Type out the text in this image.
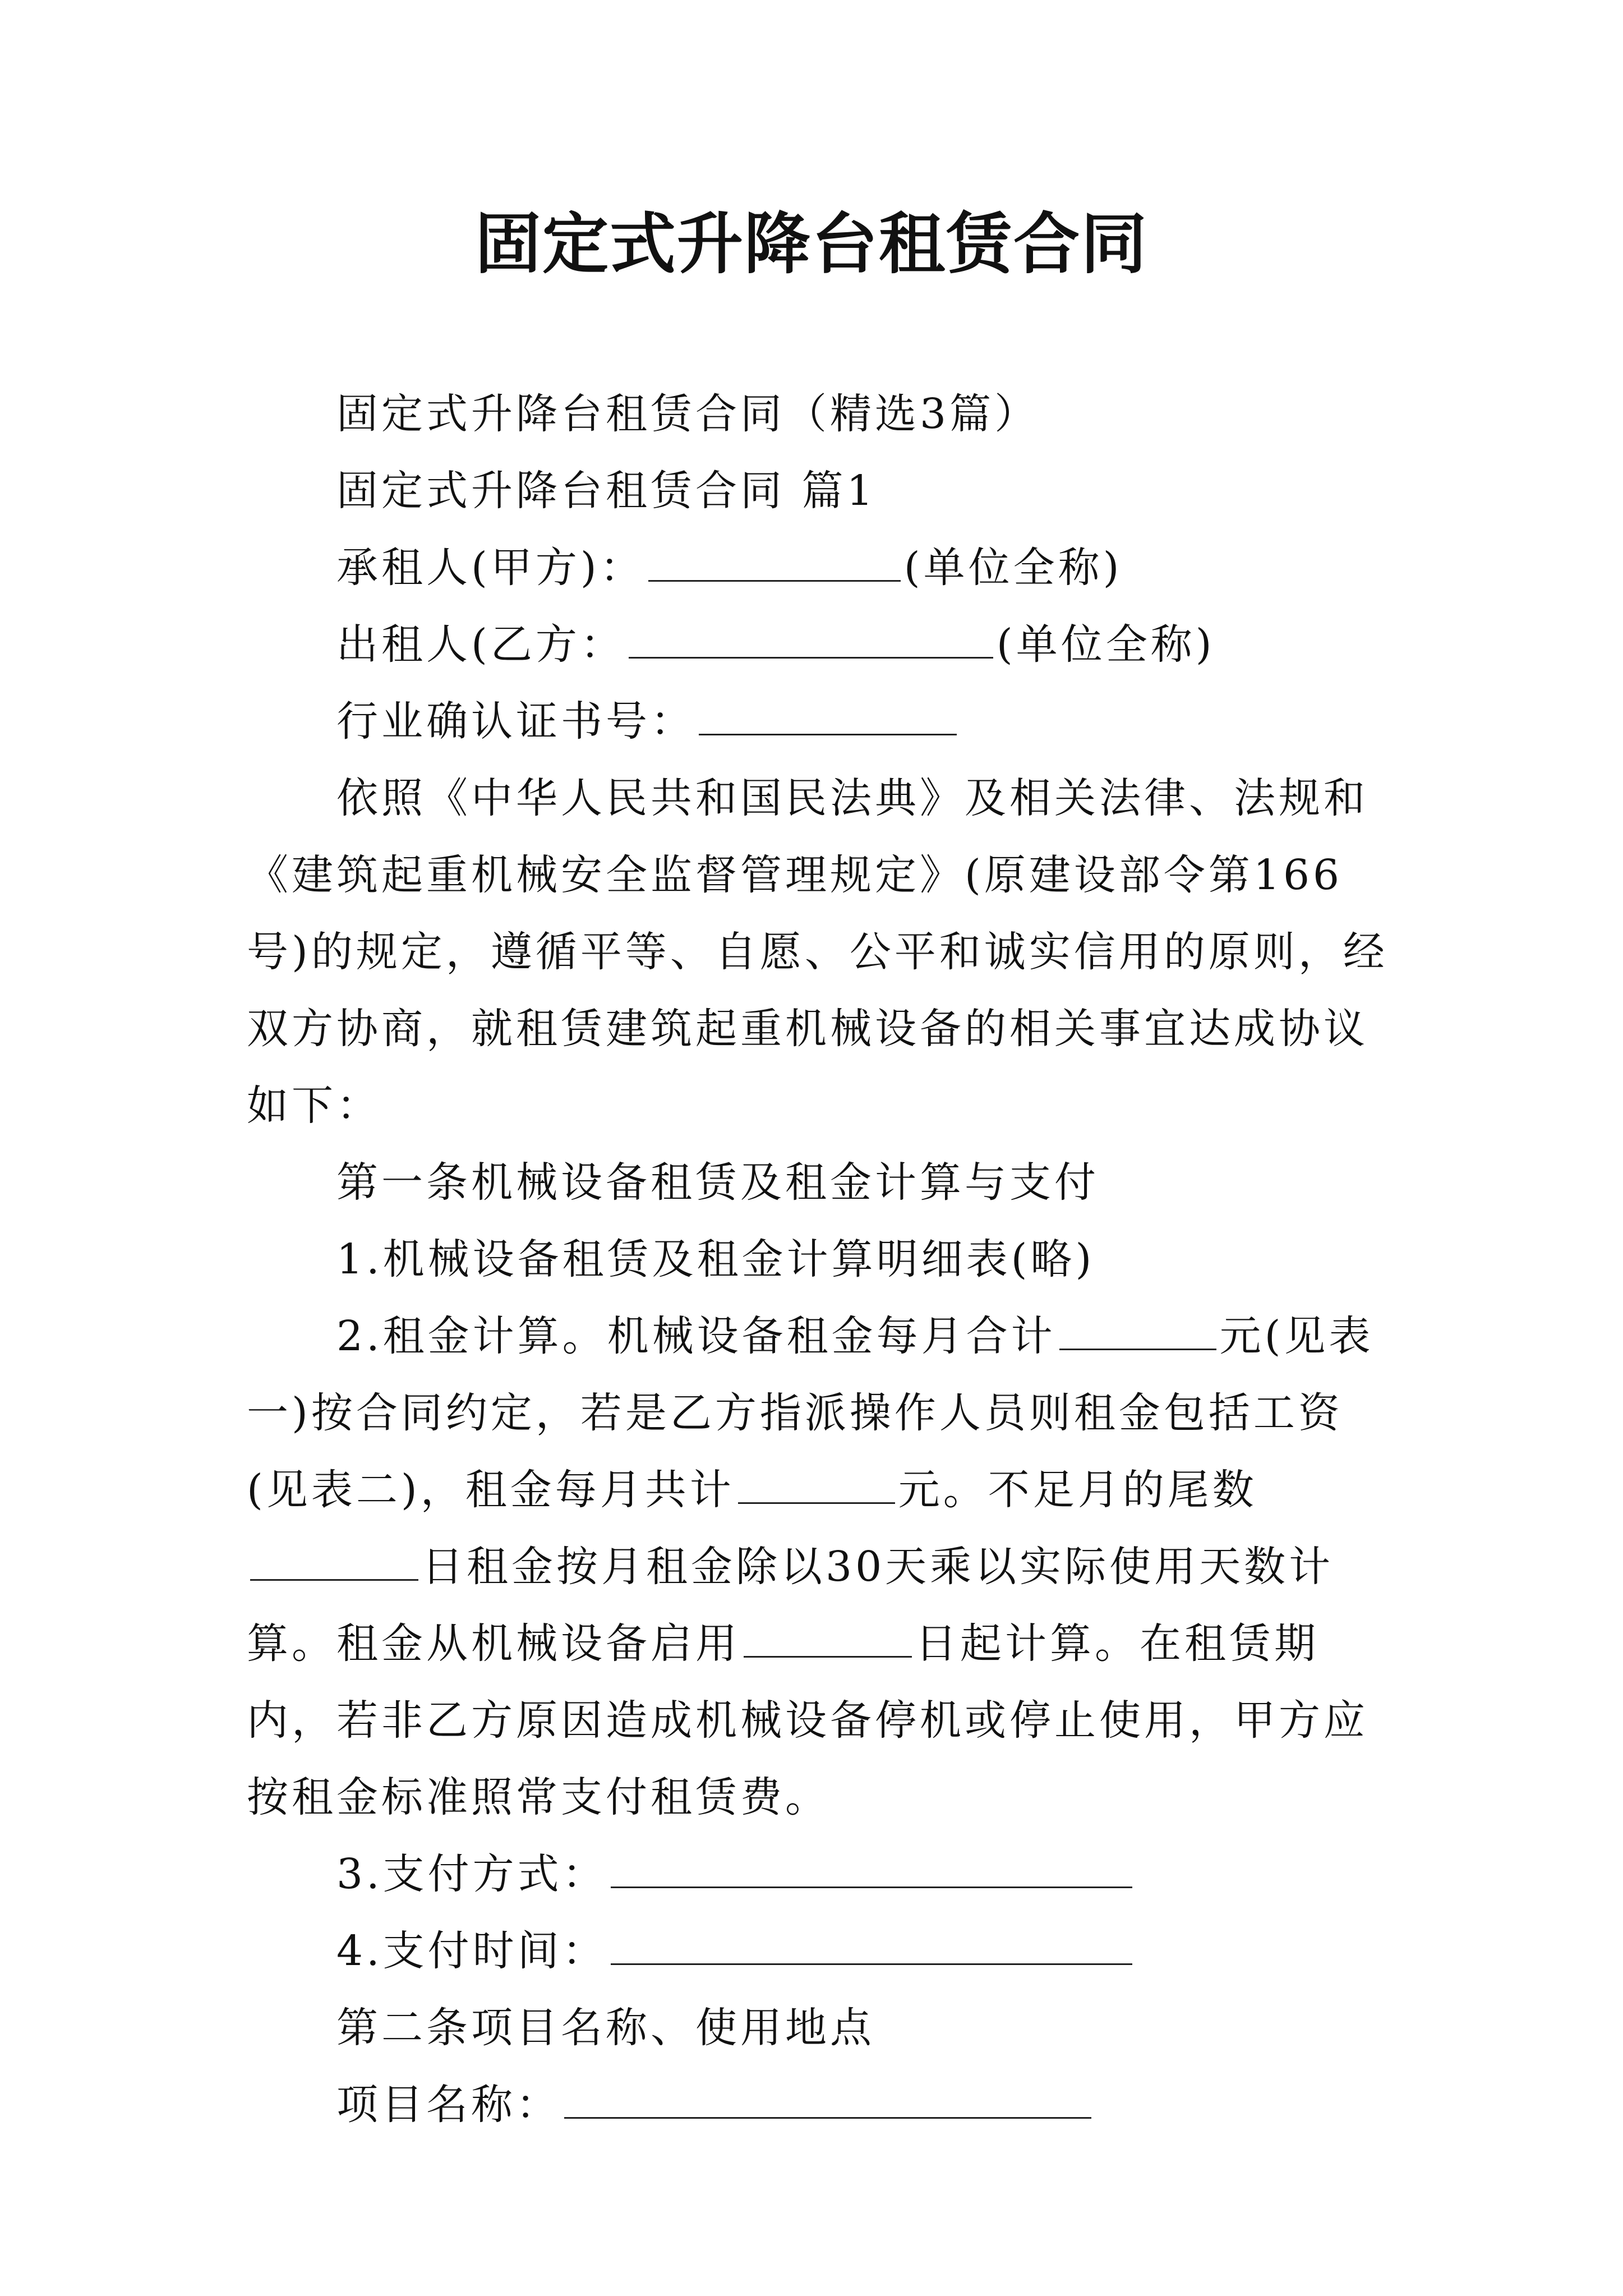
固定式升降台租赁合同

固定式升降台租赁合同（精选3篇）

固定式升降台租赁合同 篇1

承租人(甲方)：	(单位全称)

出租人(乙方：	(单位全称)

行业确认证书号：

依照《中华人民共和国民法典》及相关法律、法规和《建筑起重机械安全监督管理规定》(原建设部令第166号)的规定，遵循平等、自愿、公平和诚实信用的原则，经双方协商，就租赁建筑起重机械设备的相关事宜达成协议如下：

第一条机械设备租赁及租金计算与支付

1.机械设备租赁及租金计算明细表(略)

2.租金计算。机械设备租金每月合计	元(见表一)按合同约定，若是乙方指派操作人员则租金包括工资(见表二)，租金每月共计	元。不足月的尾数日租金按月租金除以30天乘以实际使用天数计算。租金从机械设备启用	日起计算。在租赁期内，若非乙方原因造成机械设备停机或停止使用，甲方应按租金标准照常支付租赁费。

3.支付方式：

4.支付时间：

第二条项目名称、使用地点

项目名称：
